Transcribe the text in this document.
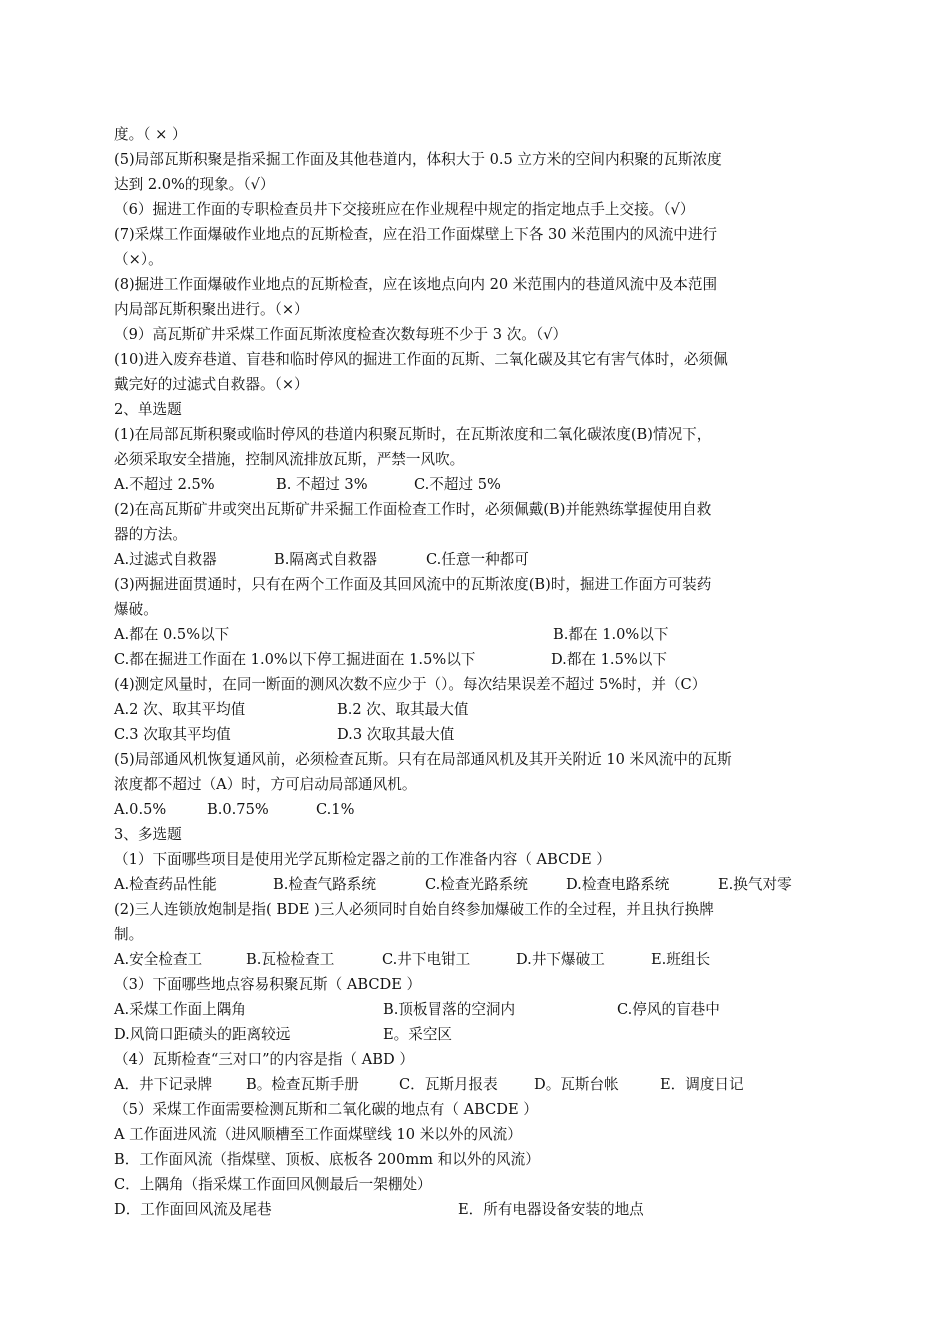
度。（ × ）
(5)局部瓦斯积聚是指采掘工作面及其他巷道内，体积大于 0.5 立方米的空间内积聚的瓦斯浓度
达到 2.0%的现象。（√）
（6）掘进工作面的专职检查员井下交接班应在作业规程中规定的指定地点手上交接。（√）
(7)采煤工作面爆破作业地点的瓦斯检查，应在沿工作面煤壁上下各 30 米范围内的风流中进行
（×）。
(8)掘进工作面爆破作业地点的瓦斯检查，应在该地点向内 20 米范围内的巷道风流中及本范围
内局部瓦斯积聚出进行。（×）
（9）高瓦斯矿井采煤工作面瓦斯浓度检查次数每班不少于 3 次。（√）
(10)进入废弃巷道、盲巷和临时停风的掘进工作面的瓦斯、二氧化碳及其它有害气体时，必须佩
戴完好的过滤式自救器。（×）
2、单选题
(1)在局部瓦斯积聚或临时停风的巷道内积聚瓦斯时，在瓦斯浓度和二氧化碳浓度(B)情况下，
必须采取安全措施，控制风流排放瓦斯，严禁一风吹。
A.不超过 2.5%	B. 不超过 3%	C.不超过 5%
(2)在高瓦斯矿井或突出瓦斯矿井采掘工作面检查工作时，必须佩戴(B)并能熟练掌握使用自救
器的方法。
A.过滤式自救器	B.隔离式自救器	C.任意一种都可
(3)两掘进面贯通时，只有在两个工作面及其回风流中的瓦斯浓度(B)时，掘进工作面方可装药
爆破。
A.都在 0.5%以下	B.都在 1.0%以下
C.都在掘进工作面在 1.0%以下停工掘进面在 1.5%以下	D.都在 1.5%以下
(4)测定风量时，在同一断面的测风次数不应少于（）。每次结果误差不超过 5%时，并（C）
A.2 次、取其平均值	B.2 次、取其最大值
C.3 次取其平均值	D.3 次取其最大值
(5)局部通风机恢复通风前，必须检查瓦斯。只有在局部通风机及其开关附近 10 米风流中的瓦斯
浓度都不超过（A）时，方可启动局部通风机。
A.0.5%	B.0.75%	C.1%
3、多选题
（1）下面哪些项目是使用光学瓦斯检定器之前的工作准备内容（ ABCDE ）
A.检查药品性能	B.检查气路系统	C.检查光路系统	D.检查电路系统	E.换气对零
(2)三人连锁放炮制是指( BDE )三人必须同时自始自终参加爆破工作的全过程，并且执行换牌
制。
A.安全检查工	B.瓦检检查工	C.井下电钳工	D.井下爆破工	E.班组长
（3）下面哪些地点容易积聚瓦斯（ ABCDE ）
A.采煤工作面上隅角	B.顶板冒落的空洞内	C.停风的盲巷中
D.风筒口距碛头的距离较远	E。采空区
（4）瓦斯检查“三对口”的内容是指（ ABD ）
A．井下记录牌 B。检查瓦斯手册	C．瓦斯月报表 D。瓦斯台帐	E．调度日记
（5）采煤工作面需要检测瓦斯和二氧化碳的地点有（ ABCDE ）
A 工作面进风流（进风顺槽至工作面煤壁线 10 米以外的风流）
B．工作面风流（指煤壁、顶板、底板各 200mm 和以外的风流）
C．上隅角（指采煤工作面回风侧最后一架棚处）
D．工作面回风流及尾巷	E．所有电器设备安装的地点
